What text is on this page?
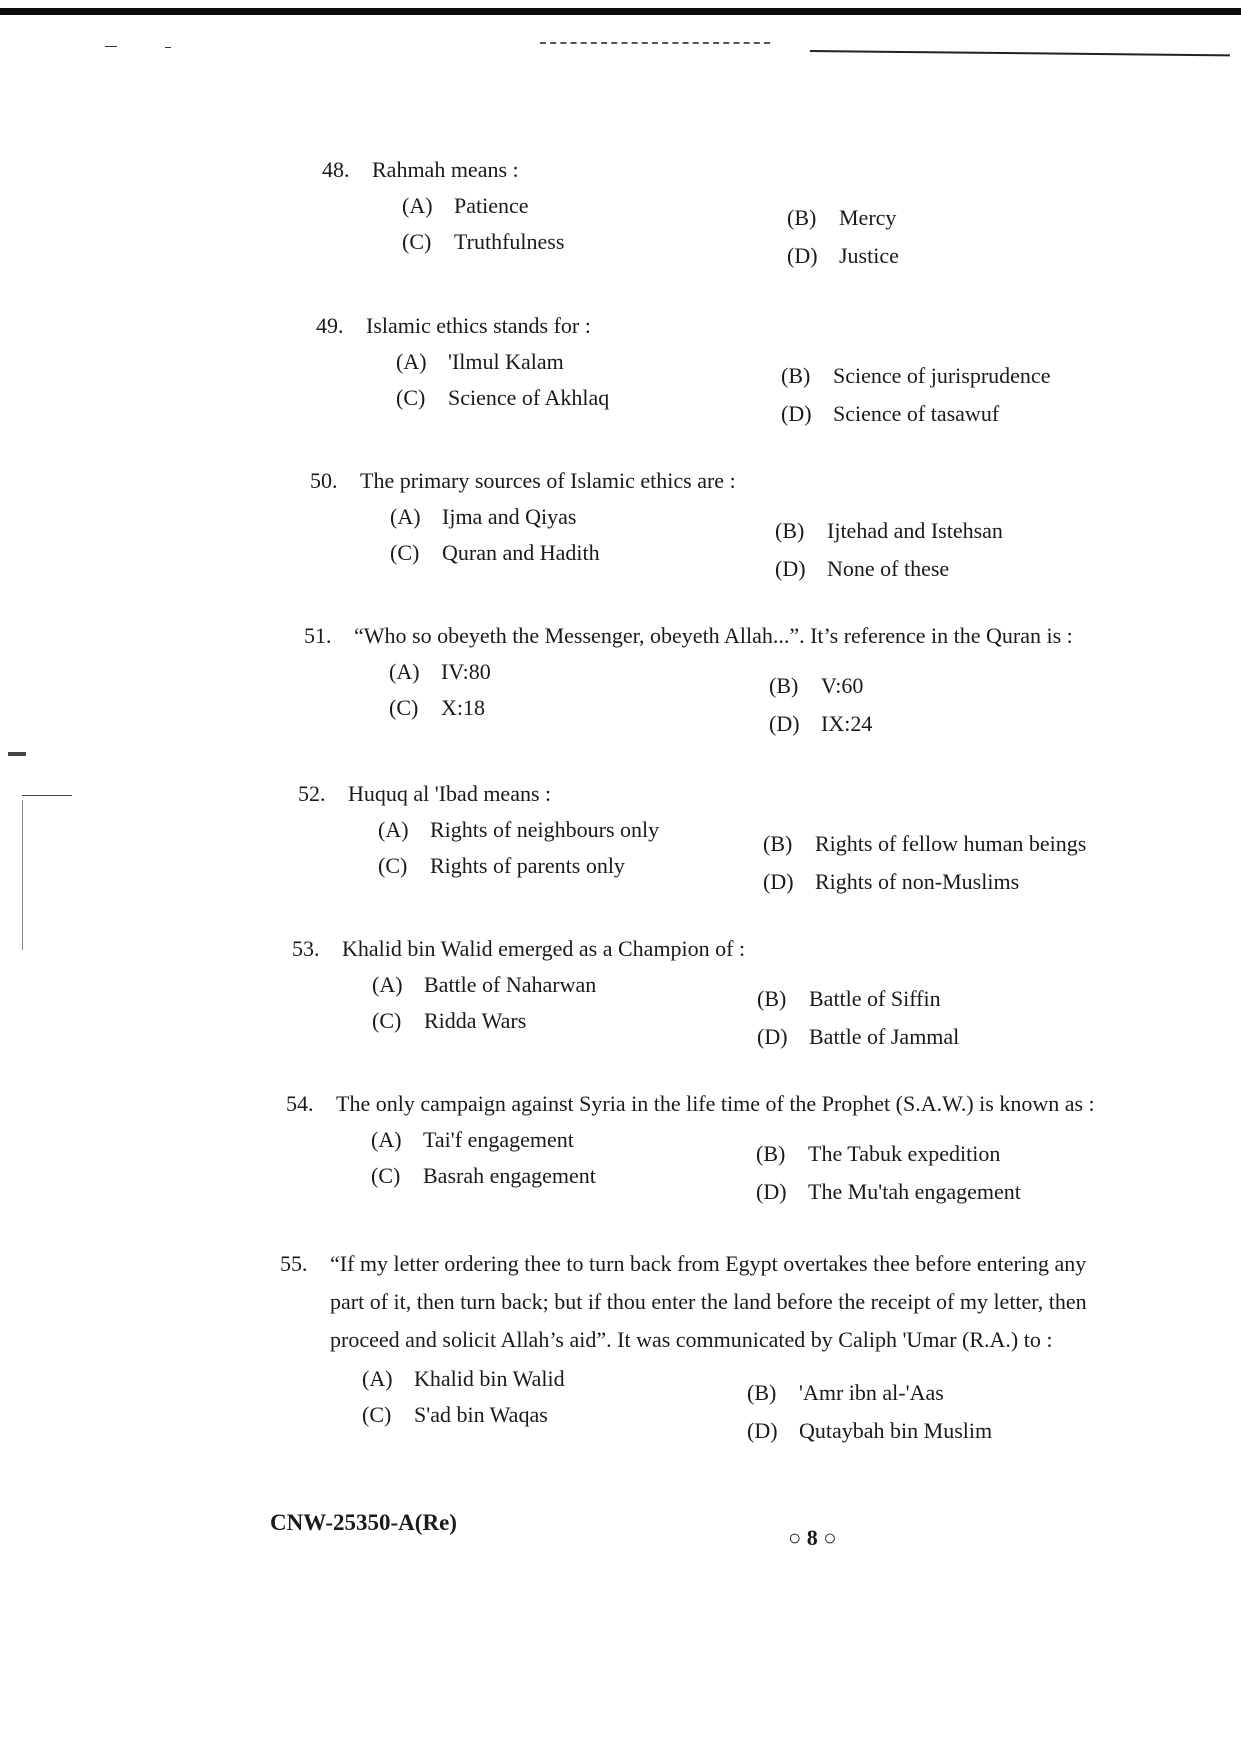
48.	Rahmah means :
(A) Patience	(B)	Mercy
(C)	Truthfulness
(D) Justice
49.	Islamic ethics stands for :
(A) 'Ilmul Kalam
(B)	Science of jurisprudence
(C)	Science of Akhlaq
(D) Science of tasawuf
50.	The primary sources of Islamic ethics are :
(A) Ijma and Qiyas
(B)	Ijtehad and Istehsan
(C)	Quran and Hadith
(D) None of these
51.	“Who so obeyeth the Messenger, obeyeth Allah...”. It’s reference in the Quran is :
(A) IV:80
(B)	V:60
(C)	X:18
(D) IX:24
52.	Huquq al 'Ibad means :
(A) Rights of neighbours only
(B)	Rights of fellow human beings
(C)	Rights of parents only
(D) Rights of non-Muslims
53.	Khalid bin Walid emerged as a Champion of :
(A) Battle of Naharwan
(B)	Battle of Siffin
(C)	Ridda Wars
(D) Battle of Jammal
54.	The only campaign against Syria in the life time of the Prophet (S.A.W.) is known as :
(A) Tai'f engagement
(B)	The Tabuk expedition
(C)	Basrah engagement
(D) The Mu'tah engagement
55.	“If my letter ordering thee to turn back from Egypt overtakes thee before entering any part of it, then turn back; but if thou enter the land before the receipt of my letter, then proceed and solicit Allah’s aid”. It was communicated by Caliph 'Umar (R.A.) to :
(A) Khalid bin Walid
(B)	'Amr ibn al-'Aas
(C)	S'ad bin Waqas
(D) Qutaybah bin Muslim
CNW-25350-A(Re)
○ 8 ○
